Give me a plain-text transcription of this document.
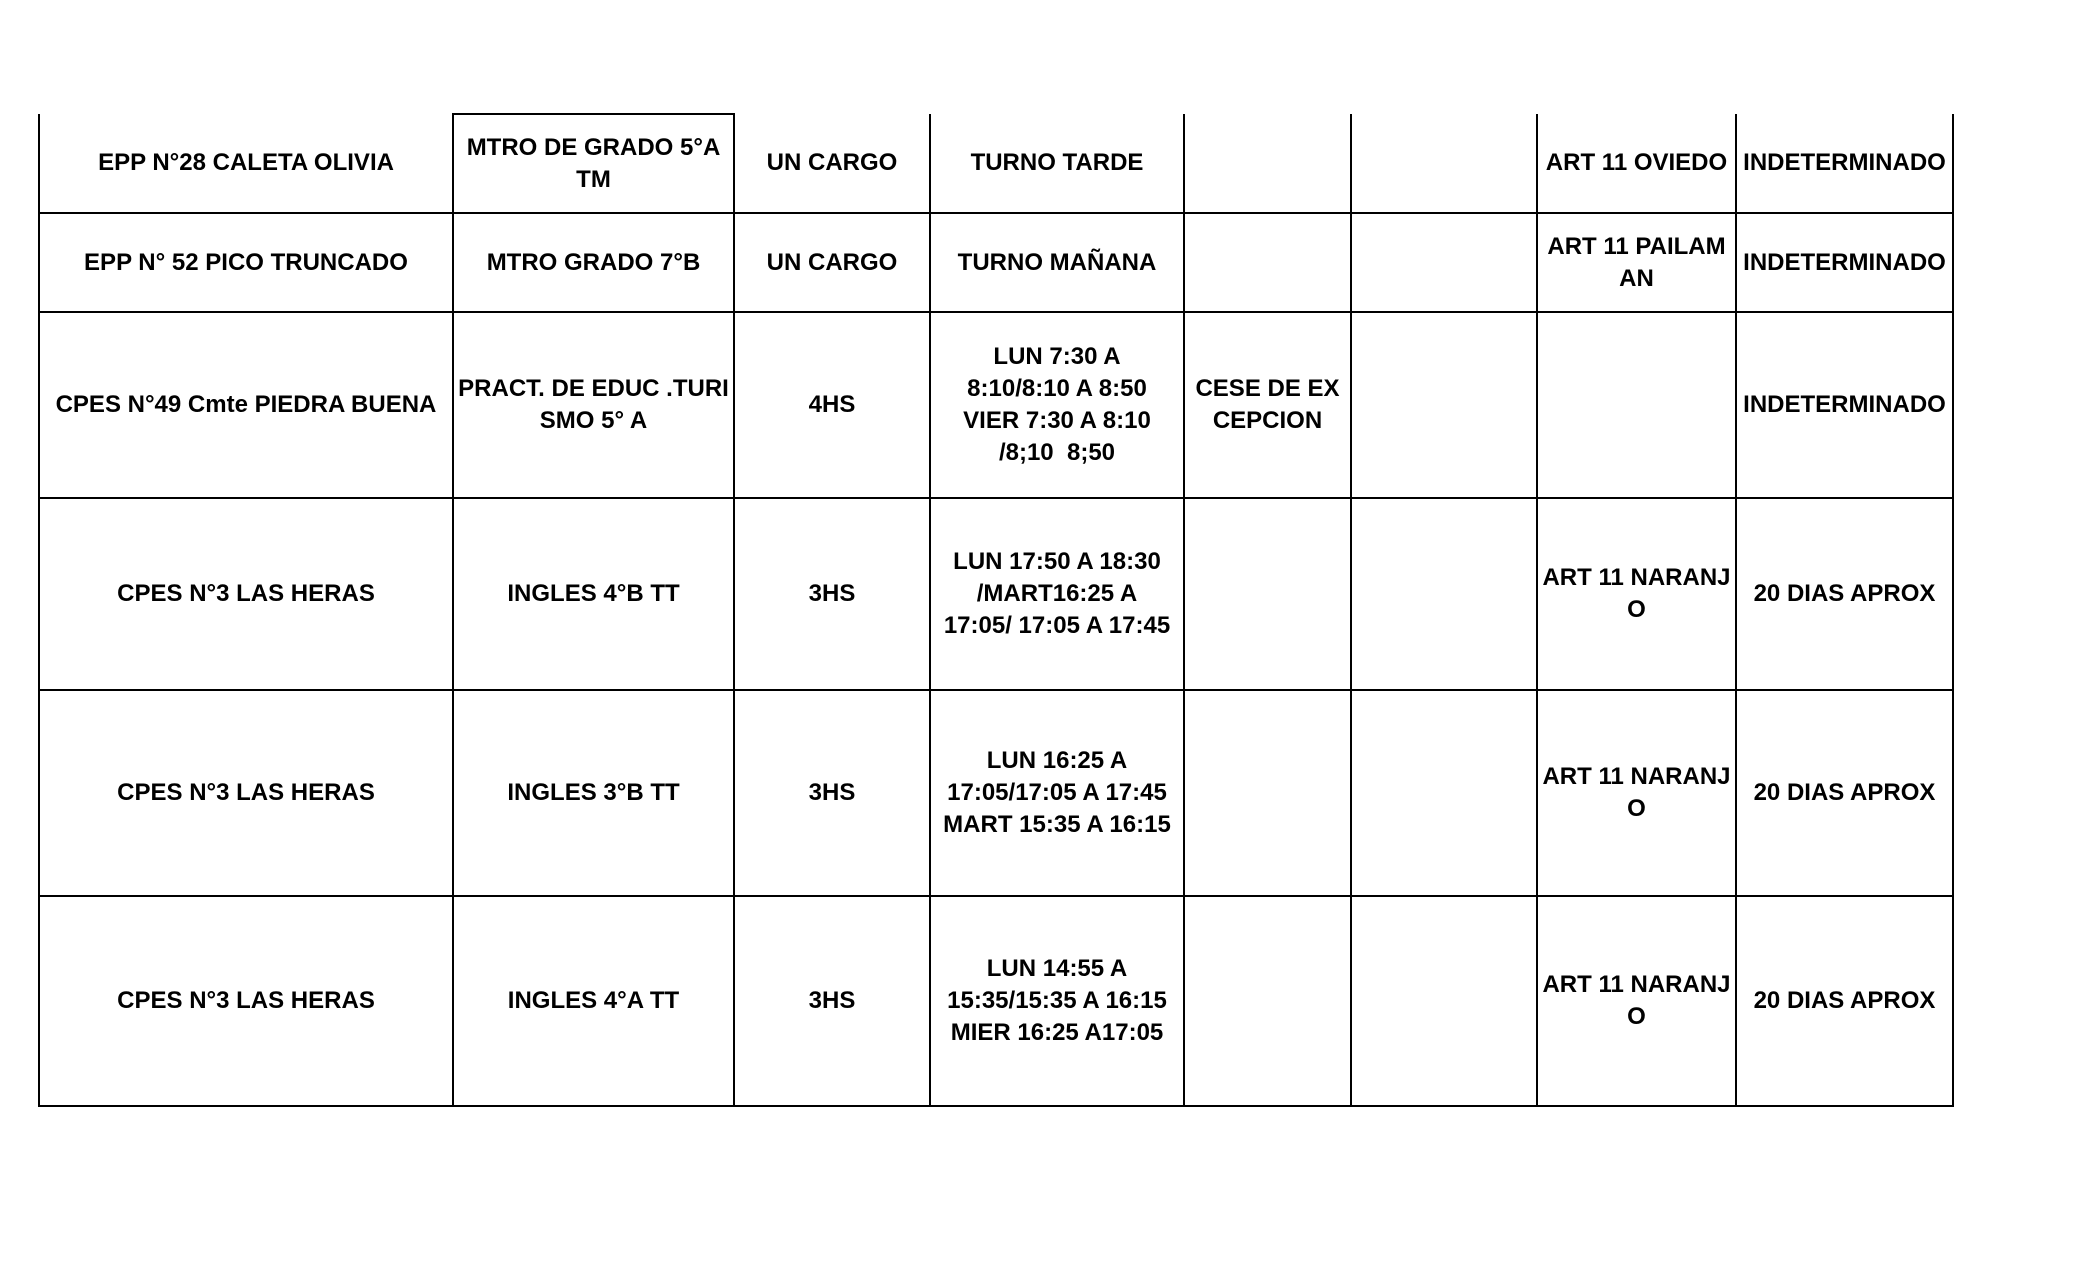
EPP N°28 CALETA OLIVIA	MTRO DE GRADO 5°A TM	UN CARGO	TURNO TARDE			ART 11 OVIEDO	INDETERMINADO
EPP N° 52 PICO TRUNCADO	MTRO GRADO 7°B	UN CARGO	TURNO MAÑANA			ART 11 PAILAMAN	INDETERMINADO
CPES N°49 Cmte PIEDRA BUENA	PRACT. DE EDUC .TURISMO 5° A	4HS	LUN 7:30 A
8:10/8:10 A 8:50
VIER 7:30 A 8:10
/8;10  8;50	CESE DE EXCEPCION			INDETERMINADO
CPES N°3 LAS HERAS	INGLES 4°B TT	3HS	LUN 17:50 A 18:30
/MART16:25 A
17:05/ 17:05 A 17:45			ART 11 NARANJO	20 DIAS APROX
CPES N°3 LAS HERAS	INGLES 3°B TT	3HS	LUN 16:25 A
17:05/17:05 A 17:45
MART 15:35 A 16:15			ART 11 NARANJO	20 DIAS APROX
CPES N°3 LAS HERAS	INGLES 4°A TT	3HS	LUN 14:55 A
15:35/15:35 A 16:15
MIER 16:25 A17:05			ART 11 NARANJO	20 DIAS APROX
